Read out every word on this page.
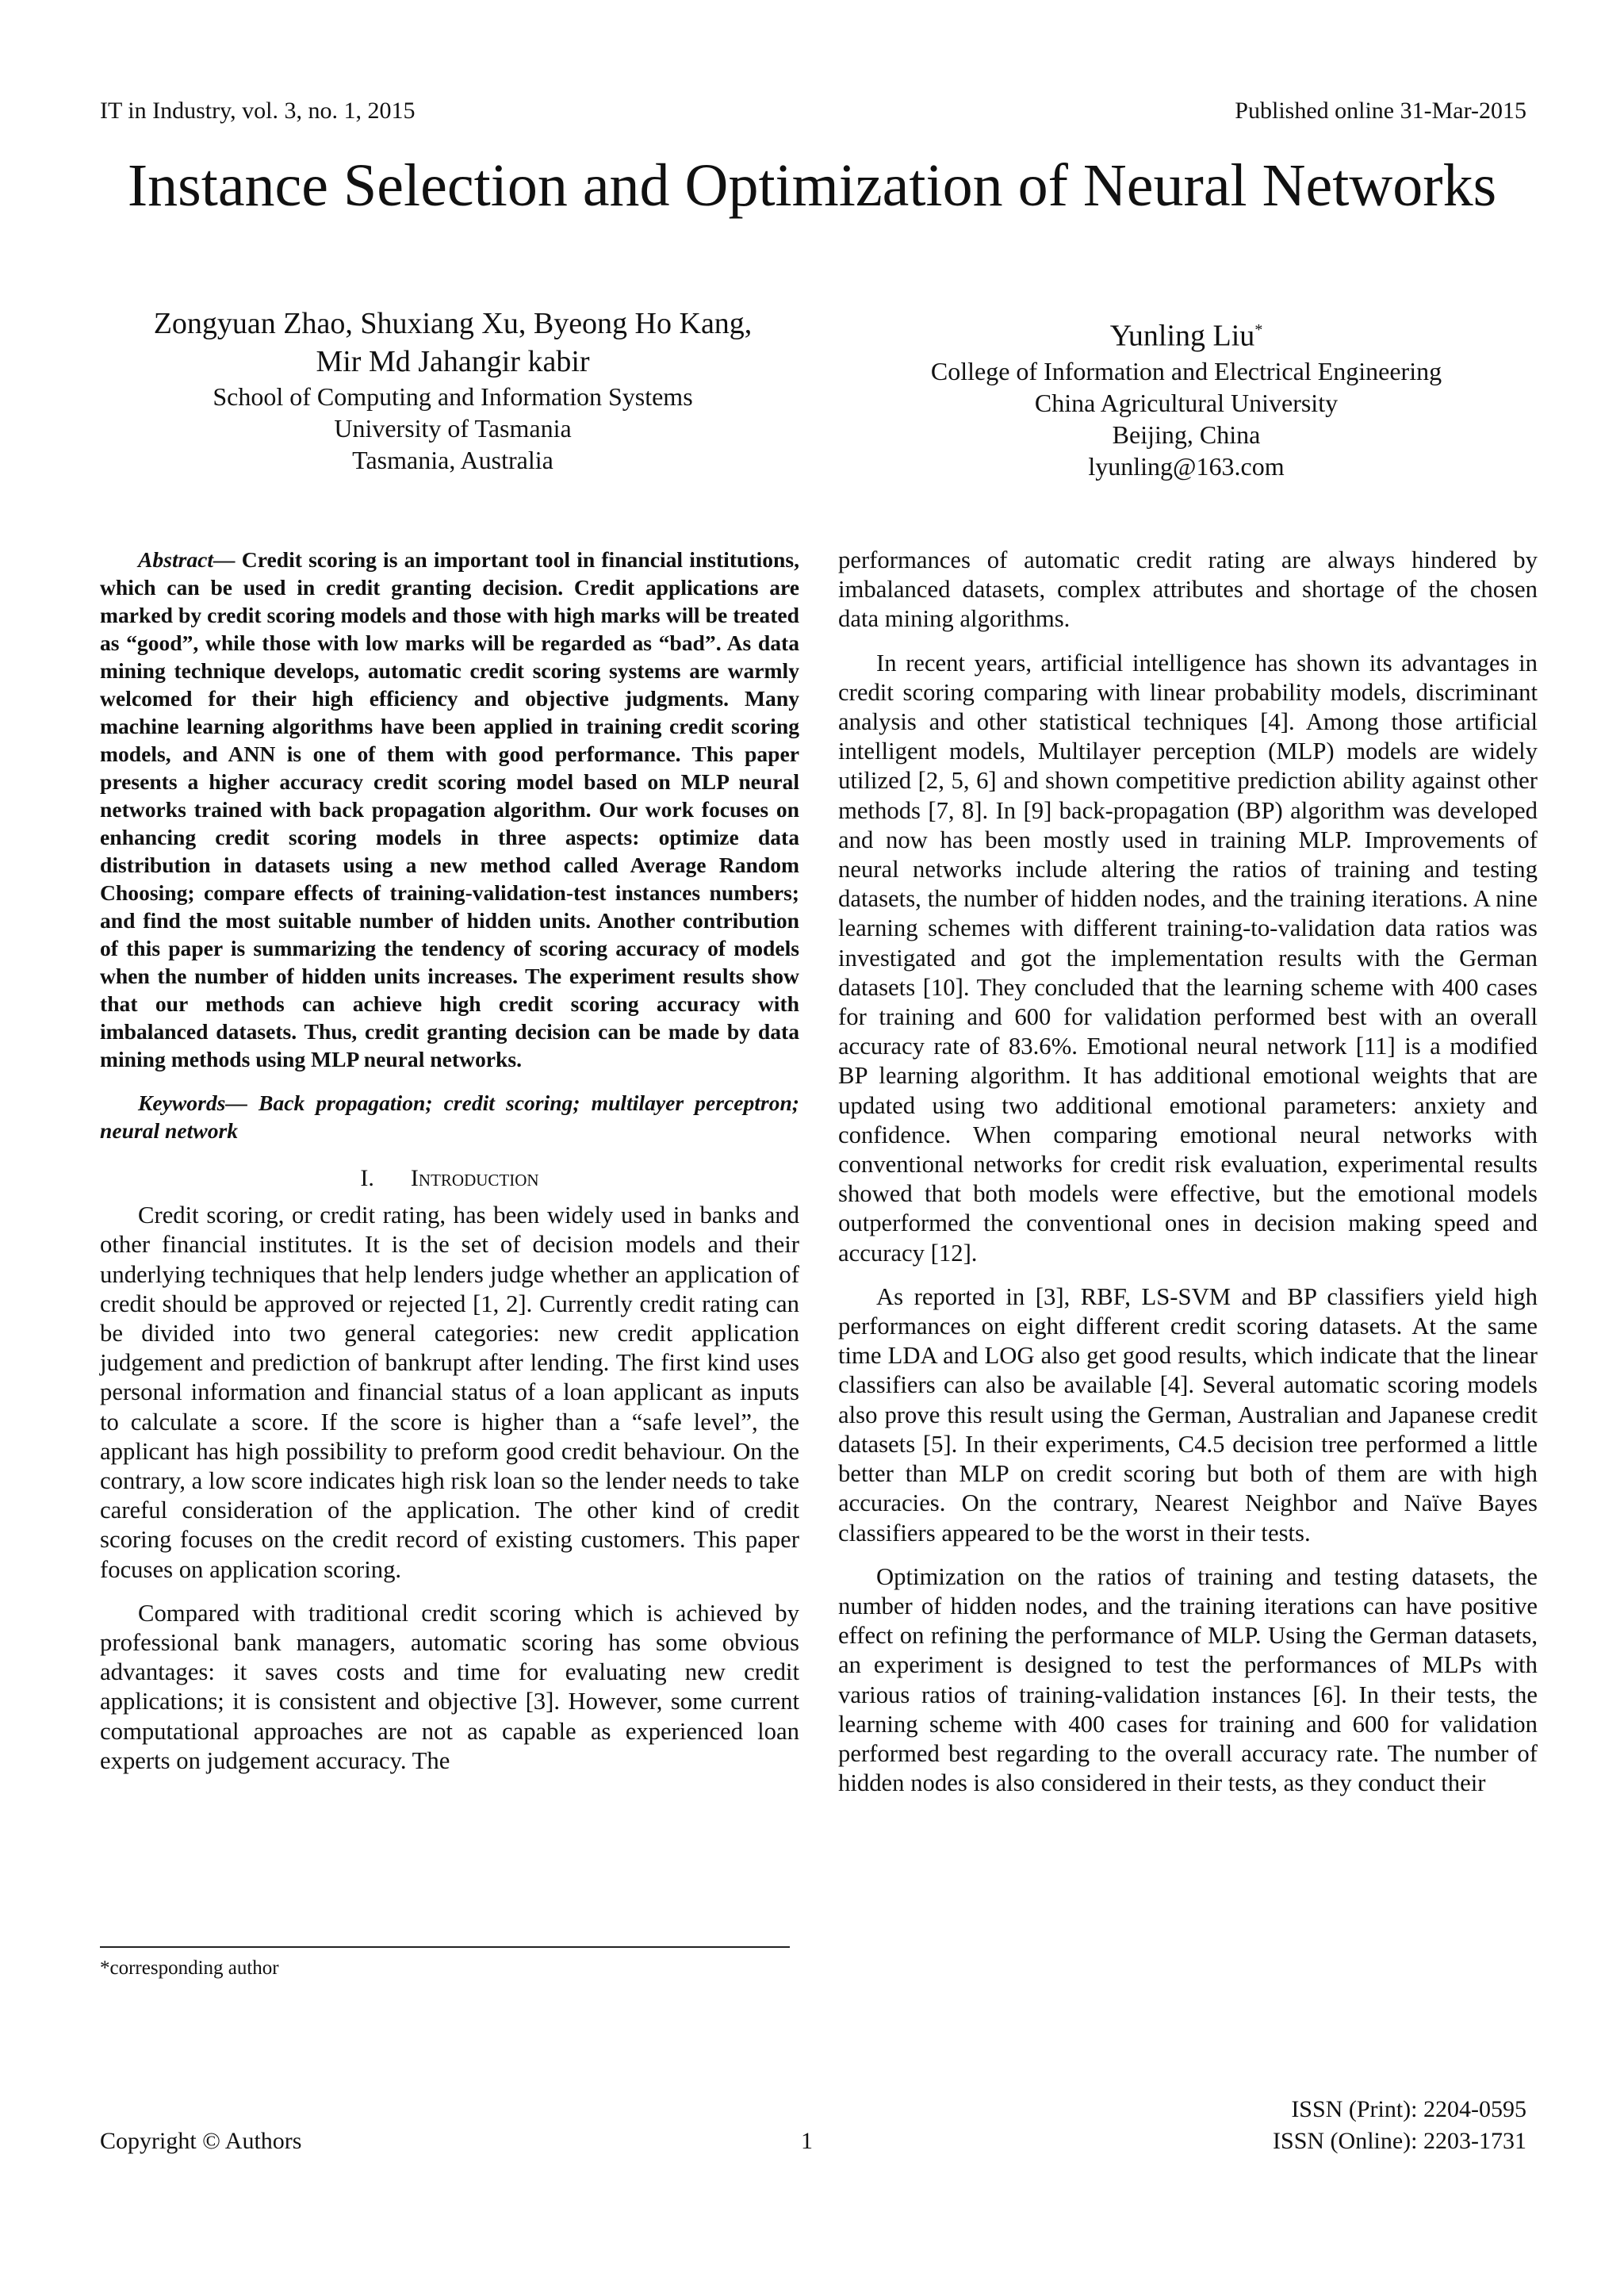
IT in Industry, vol. 3, no. 1, 2015	Published online 31-Mar-2015
Instance Selection and Optimization of Neural Networks
Zongyuan Zhao, Shuxiang Xu, Byeong Ho Kang,
Mir Md Jahangir kabir
School of Computing and Information Systems
University of Tasmania
Tasmania, Australia
Yunling Liu*
College of Information and Electrical Engineering
China Agricultural University
Beijing, China
lyunling@163.com

Abstract— Credit scoring is an important tool in financial institutions, which can be used in credit granting decision. Credit applications are marked by credit scoring models and those with high marks will be treated as “good”, while those with low marks will be regarded as “bad”. As data mining technique develops, automatic credit scoring systems are warmly welcomed for their high efficiency and objective judgments. Many machine learning algorithms have been applied in training credit scoring models, and ANN is one of them with good performance. This paper presents a higher accuracy credit scoring model based on MLP neural networks trained with back propagation algorithm. Our work focuses on enhancing credit scoring models in three aspects: optimize data distribution in datasets using a new method called Average Random Choosing; compare effects of training-validation-test instances numbers; and find the most suitable number of hidden units. Another contribution of this paper is summarizing the tendency of scoring accuracy of models when the number of hidden units increases. The experiment results show that our methods can achieve high credit scoring accuracy with imbalanced datasets. Thus, credit granting decision can be made by data mining methods using MLP neural networks.

Keywords— Back propagation; credit scoring; multilayer perceptron; neural network

I. Introduction

Credit scoring, or credit rating, has been widely used in banks and other financial institutes. It is the set of decision models and their underlying techniques that help lenders judge whether an application of credit should be approved or rejected [1, 2]. Currently credit rating can be divided into two general categories: new credit application judgement and prediction of bankrupt after lending. The first kind uses personal information and financial status of a loan applicant as inputs to calculate a score. If the score is higher than a “safe level”, the applicant has high possibility to preform good credit behaviour. On the contrary, a low score indicates high risk loan so the lender needs to take careful consideration of the application. The other kind of credit scoring focuses on the credit record of existing customers. This paper focuses on application scoring.

Compared with traditional credit scoring which is achieved by professional bank managers, automatic scoring has some obvious advantages: it saves costs and time for evaluating new credit applications; it is consistent and objective [3]. However, some current computational approaches are not as capable as experienced loan experts on judgement accuracy. The

performances of automatic credit rating are always hindered by imbalanced datasets, complex attributes and shortage of the chosen data mining algorithms.

In recent years, artificial intelligence has shown its advantages in credit scoring comparing with linear probability models, discriminant analysis and other statistical techniques [4]. Among those artificial intelligent models, Multilayer perception (MLP) models are widely utilized [2, 5, 6] and shown competitive prediction ability against other methods [7, 8]. In [9] back-propagation (BP) algorithm was developed and now has been mostly used in training MLP. Improvements of neural networks include altering the ratios of training and testing datasets, the number of hidden nodes, and the training iterations. A nine learning schemes with different training-to-validation data ratios was investigated and got the implementation results with the German datasets [10]. They concluded that the learning scheme with 400 cases for training and 600 for validation performed best with an overall accuracy rate of 83.6%. Emotional neural network [11] is a modified BP learning algorithm. It has additional emotional weights that are updated using two additional emotional parameters: anxiety and confidence. When comparing emotional neural networks with conventional networks for credit risk evaluation, experimental results showed that both models were effective, but the emotional models outperformed the conventional ones in decision making speed and accuracy [12].

As reported in [3], RBF, LS-SVM and BP classifiers yield high performances on eight different credit scoring datasets. At the same time LDA and LOG also get good results, which indicate that the linear classifiers can also be available [4]. Several automatic scoring models also prove this result using the German, Australian and Japanese credit datasets [5]. In their experiments, C4.5 decision tree performed a little better than MLP on credit scoring but both of them are with high accuracies. On the contrary, Nearest Neighbor and Naïve Bayes classifiers appeared to be the worst in their tests.

Optimization on the ratios of training and testing datasets, the number of hidden nodes, and the training iterations can have positive effect on refining the performance of MLP. Using the German datasets, an experiment is designed to test the performances of MLPs with various ratios of training-validation instances [6]. In their tests, the learning scheme with 400 cases for training and 600 for validation performed best regarding to the overall accuracy rate. The number of hidden nodes is also considered in their tests, as they conduct their

*corresponding author
Copyright © Authors	1
ISSN (Print): 2204-0595
ISSN (Online): 2203-1731
